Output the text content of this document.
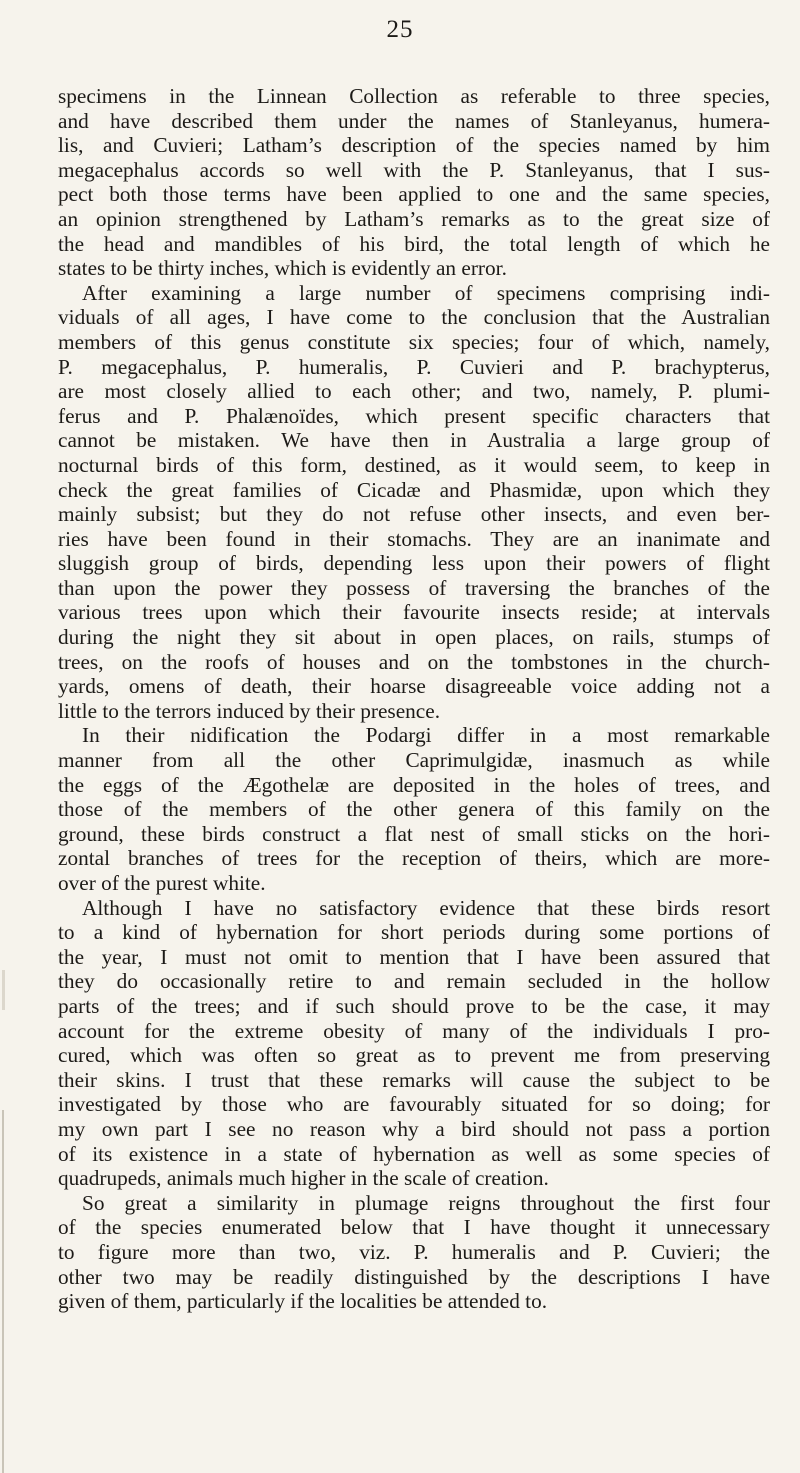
25
specimens in the Linnean Collection as referable to three species,
and have described them under the names of Stanleyanus, humera-
lis, and Cuvieri; Latham’s description of the species named by him
megacephalus accords so well with the P. Stanleyanus, that I sus-
pect both those terms have been applied to one and the same species,
an opinion strengthened by Latham’s remarks as to the great size of
the head and mandibles of his bird, the total length of which he
states to be thirty inches, which is evidently an error.
After examining a large number of specimens comprising indi-
viduals of all ages, I have come to the conclusion that the Australian
members of this genus constitute six species; four of which, namely,
P. megacephalus, P. humeralis, P. Cuvieri and P. brachypterus,
are most closely allied to each other; and two, namely, P. plumi-
ferus and P. Phalænoïdes, which present specific characters that
cannot be mistaken. We have then in Australia a large group of
nocturnal birds of this form, destined, as it would seem, to keep in
check the great families of Cicadæ and Phasmidæ, upon which they
mainly subsist; but they do not refuse other insects, and even ber-
ries have been found in their stomachs. They are an inanimate and
sluggish group of birds, depending less upon their powers of flight
than upon the power they possess of traversing the branches of the
various trees upon which their favourite insects reside; at intervals
during the night they sit about in open places, on rails, stumps of
trees, on the roofs of houses and on the tombstones in the church-
yards, omens of death, their hoarse disagreeable voice adding not a
little to the terrors induced by their presence.
In their nidification the Podargi differ in a most remarkable
manner from all the other Caprimulgidæ, inasmuch as while
the eggs of the Ægothelæ are deposited in the holes of trees, and
those of the members of the other genera of this family on the
ground, these birds construct a flat nest of small sticks on the hori-
zontal branches of trees for the reception of theirs, which are more-
over of the purest white.
Although I have no satisfactory evidence that these birds resort
to a kind of hybernation for short periods during some portions of
the year, I must not omit to mention that I have been assured that
they do occasionally retire to and remain secluded in the hollow
parts of the trees; and if such should prove to be the case, it may
account for the extreme obesity of many of the individuals I pro-
cured, which was often so great as to prevent me from preserving
their skins. I trust that these remarks will cause the subject to be
investigated by those who are favourably situated for so doing; for
my own part I see no reason why a bird should not pass a portion
of its existence in a state of hybernation as well as some species of
quadrupeds, animals much higher in the scale of creation.
So great a similarity in plumage reigns throughout the first four
of the species enumerated below that I have thought it unnecessary
to figure more than two, viz. P. humeralis and P. Cuvieri; the
other two may be readily distinguished by the descriptions I have
given of them, particularly if the localities be attended to.
